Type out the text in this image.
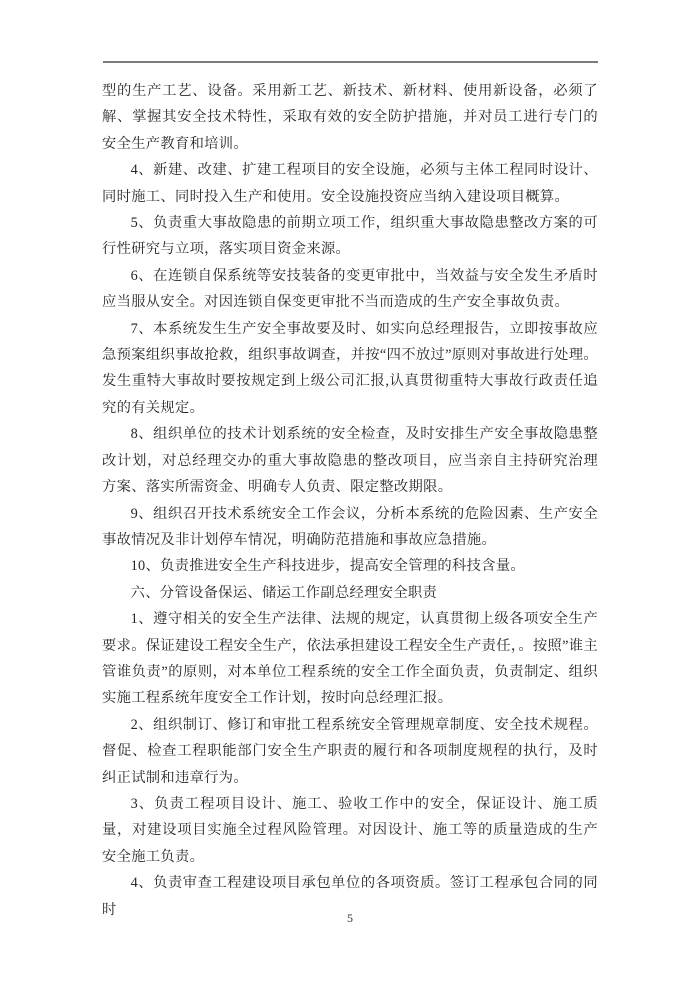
型的生产工艺、设备。采用新工艺、新技术、新材料、使用新设备，必须了解、掌握其安全技术特性，采取有效的安全防护措施，并对员工进行专门的安全生产教育和培训。

4、新建、改建、扩建工程项目的安全设施，必须与主体工程同时设计、同时施工、同时投入生产和使用。安全设施投资应当纳入建设项目概算。

5、负责重大事故隐患的前期立项工作，组织重大事故隐患整改方案的可行性研究与立项，落实项目资金来源。

6、在连锁自保系统等安技装备的变更审批中，当效益与安全发生矛盾时应当服从安全。对因连锁自保变更审批不当而造成的生产安全事故负责。

7、本系统发生生产安全事故要及时、如实向总经理报告，立即按事故应急预案组织事故抢救，组织事故调查，并按“四不放过”原则对事故进行处理。发生重特大事故时要按规定到上级公司汇报,认真贯彻重特大事故行政责任追究的有关规定。

8、组织单位的技术计划系统的安全检查，及时安排生产安全事故隐患整改计划，对总经理交办的重大事故隐患的整改项目，应当亲自主持研究治理方案、落实所需资金、明确专人负责、限定整改期限。

9、组织召开技术系统安全工作会议，分析本系统的危险因素、生产安全事故情况及非计划停车情况，明确防范措施和事故应急措施。

10、负责推进安全生产科技进步，提高安全管理的科技含量。

六、分管设备保运、储运工作副总经理安全职责

1、遵守相关的安全生产法律、法规的规定，认真贯彻上级各项安全生产要求。保证建设工程安全生产，依法承担建设工程安全生产责任，。按照”谁主管谁负责”的原则，对本单位工程系统的安全工作全面负责，负责制定、组织实施工程系统年度安全工作计划，按时向总经理汇报。

2、组织制订、修订和审批工程系统安全管理规章制度、安全技术规程。督促、检查工程职能部门安全生产职责的履行和各项制度规程的执行，及时纠正试制和违章行为。

3、负责工程项目设计、施工、验收工作中的安全，保证设计、施工质量，对建设项目实施全过程风险管理。对因设计、施工等的质量造成的生产安全施工负责。

4、负责审查工程建设项目承包单位的各项资质。签订工程承包合同的同时

5
